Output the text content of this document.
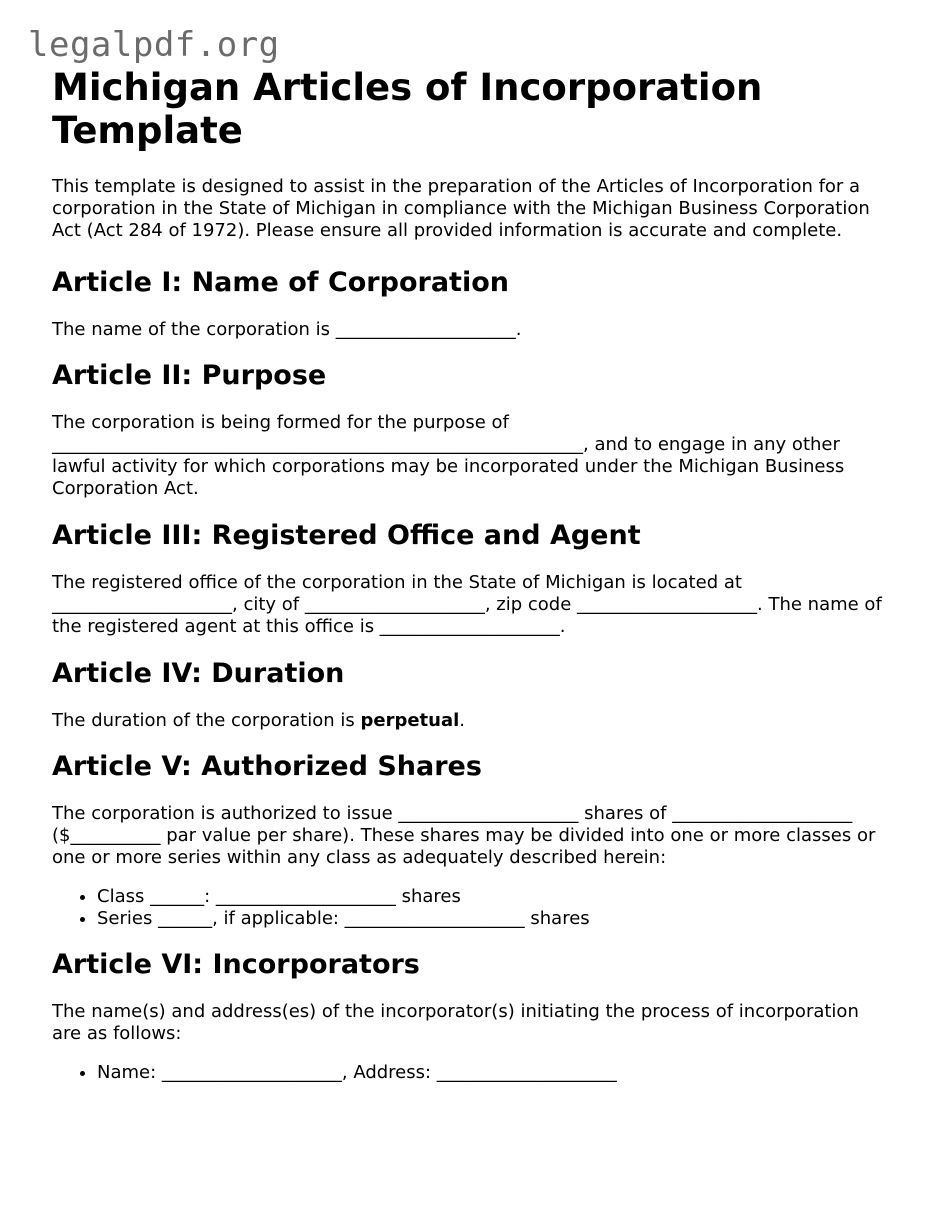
legalpdf.org
Michigan Articles of Incorporation Template

This template is designed to assist in the preparation of the Articles of Incorporation for a corporation in the State of Michigan in compliance with the Michigan Business Corporation Act (Act 284 of 1972). Please ensure all provided information is accurate and complete.

Article I: Name of Corporation

The name of the corporation is ____________________.

Article II: Purpose

The corporation is being formed for the purpose of ___________________________________________________________, and to engage in any other lawful activity for which corporations may be incorporated under the Michigan Business Corporation Act.

Article III: Registered Office and Agent

The registered office of the corporation in the State of Michigan is located at ____________________, city of ____________________, zip code ____________________. The name of the registered agent at this office is ____________________.

Article IV: Duration

The duration of the corporation is perpetual.

Article V: Authorized Shares

The corporation is authorized to issue ____________________ shares of ____________________ ($__________ par value per share). These shares may be divided into one or more classes or one or more series within any class as adequately described herein:

• Class ______: ____________________ shares
• Series ______, if applicable: ____________________ shares
Article VI: Incorporators

The name(s) and address(es) of the incorporator(s) initiating the process of incorporation are as follows:

• Name: ____________________, Address: ____________________
